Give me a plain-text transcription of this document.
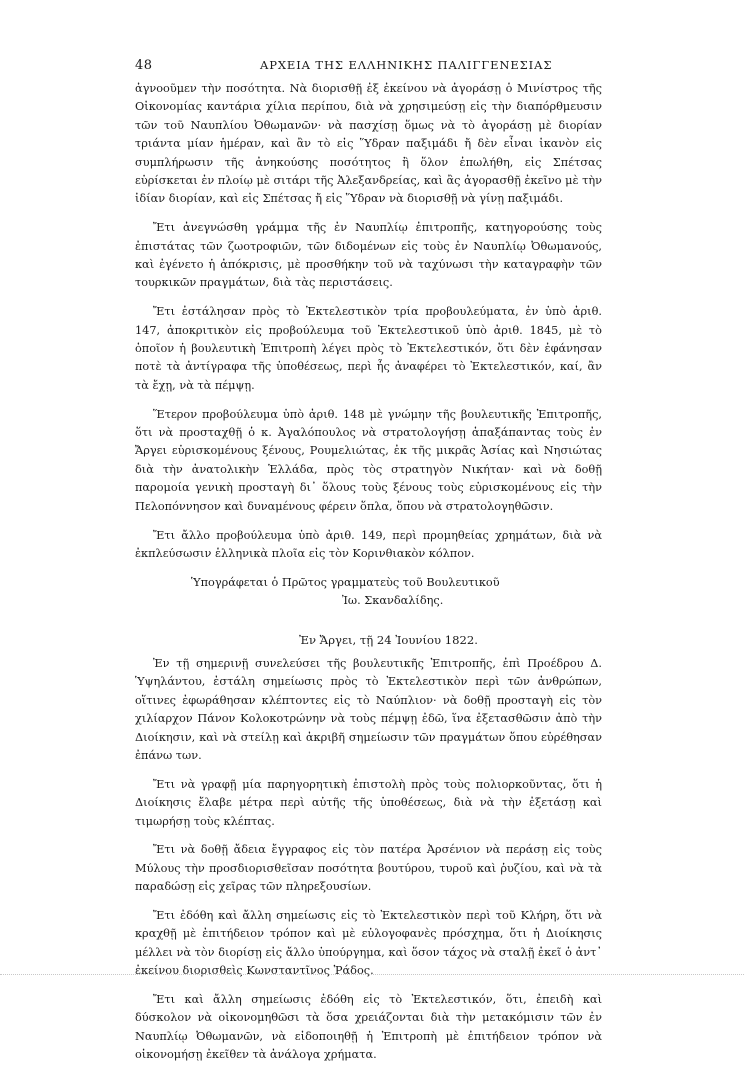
48	ΑΡΧΕΙΑ ΤΗΣ ΕΛΛΗΝΙΚΗΣ ΠΑΛΙΓΓΕΝΕΣΙΑΣ

ἀγνοοῦμεν τὴν ποσότητα. Νὰ διορισθῇ ἐξ ἐκείνου νὰ ἀγοράσῃ ὁ Μινίστρος τῆς Οἰκονομίας καντάρια χίλια περίπου, διὰ νὰ χρησιμεύσῃ εἰς τὴν διαπόρθμευσιν τῶν τοῦ Ναυπλίου Ὀθωμανῶν· νὰ πασχίσῃ ὅμως νὰ τὸ ἀγοράσῃ μὲ διορίαν τριάντα μίαν ἡμέραν, καὶ ἂν τὸ εἰς Ὕδραν παξιμάδι ἤ δὲν εἶναι ἱκανὸν εἰς συμπλήρωσιν τῆς ἀνηκούσης ποσότητος ἢ ὅλον ἐπωλήθη, εἰς Σπέτσας εὑρίσκεται ἐν πλοίῳ μὲ σιτάρι τῆς Ἀλεξανδρείας, καὶ ἂς ἀγορασθῇ ἐκεῖνο μὲ τὴν ἰδίαν διορίαν, καὶ εἰς Σπέτσας ἤ εἰς Ὕδραν νὰ διορισθῇ νὰ γίνῃ παξιμάδι.

Ἔτι ἀνεγνώσθη γράμμα τῆς ἐν Ναυπλίῳ ἐπιτροπῆς, κατηγορούσης τοὺς ἐπιστάτας τῶν ζωοτροφιῶν, τῶν διδομένων εἰς τοὺς ἐν Ναυπλίῳ Ὀθωμανούς, καὶ ἐγένετο ἡ ἀπόκρισις, μὲ προσθήκην τοῦ νὰ ταχύνωσι τὴν καταγραφὴν τῶν τουρκικῶν πραγμάτων, διὰ τὰς περιστάσεις.

Ἔτι ἐστάλησαν πρὸς τὸ Ἐκτελεστικὸν τρία προβουλεύματα, ἐν ὑπὸ ἀριθ. 147, ἀποκριτικὸν εἰς προβούλευμα τοῦ Ἐκτελεστικοῦ ὑπὸ ἀριθ. 1845, μὲ τὸ ὁποῖον ἡ βουλευτικὴ Ἐπιτροπὴ λέγει πρὸς τὸ Ἐκτελεστικόν, ὅτι δὲν ἐφάνησαν ποτὲ τὰ ἀντίγραφα τῆς ὑποθέσεως, περὶ ἧς ἀναφέρει τὸ Ἐκτελεστικόν, καί, ἂν τὰ ἔχῃ, νὰ τὰ πέμψῃ.

Ἕτερον προβούλευμα ὑπὸ ἀριθ. 148 μὲ γνώμην τῆς βουλευτικῆς Ἐπιτροπῆς, ὅτι νὰ προσταχθῇ ὁ κ. Ἀγαλόπουλος νὰ στρατολογήσῃ ἁπαξάπαντας τοὺς ἐν Ἄργει εὑρισκομένους ξένους, Ρουμελιώτας, ἐκ τῆς μικρᾶς Ἀσίας καὶ Νησιώτας διὰ τὴν ἀνατολικὴν Ἑλλάδα, πρὸς τὸς στρατηγὸν Νικήταν· καὶ νὰ δοθῇ παρομοία γενικὴ προσταγὴ δι᾽ ὅλους τοὺς ξένους τοὺς εὑρισκομένους εἰς τὴν Πελοπόννησον καὶ δυναμένους φέρειν ὅπλα, ὅπου νὰ στρατολογηθῶσιν.

Ἔτι ἄλλο προβούλευμα ὑπὸ ἀριθ. 149, περὶ προμηθείας χρημάτων, διὰ νὰ ἐκπλεύσωσιν ἑλληνικὰ πλοῖα εἰς τὸν Κορινθιακὸν κόλπον.

Ὑπογράφεται ὁ Πρῶτος γραμματεὺς τοῦ Βουλευτικοῦ
Ἰω. Σκανδαλίδης.
Ἐν Ἄργει, τῇ 24 Ἰουνίου 1822.

Ἐν τῇ σημερινῇ συνελεύσει τῆς βουλευτικῆς Ἐπιτροπῆς, ἐπὶ Προέδρου Δ. Ὑψηλάντου, ἐστάλη σημείωσις πρὸς τὸ Ἐκτελεστικὸν περὶ τῶν ἀνθρώπων, οἵτινες ἐφωράθησαν κλέπτοντες εἰς τὸ Ναύπλιον· νὰ δοθῇ προσταγὴ εἰς τὸν χιλίαρχον Πάνον Κολοκοτρώνην νὰ τοὺς πέμψῃ ἐδῶ, ἵνα ἐξετασθῶσιν ἀπὸ τὴν Διοίκησιν, καὶ νὰ στείλῃ καὶ ἀκριβῆ σημείωσιν τῶν πραγμάτων ὅπου εὑρέθησαν ἐπάνω των.

Ἔτι νὰ γραφῇ μία παρηγορητικὴ ἐπιστολὴ πρὸς τοὺς πολιορκοῦντας, ὅτι ἡ Διοίκησις ἔλαβε μέτρα περὶ αὐτῆς τῆς ὑποθέσεως, διὰ νὰ τὴν ἐξετάσῃ καὶ τιμωρήσῃ τοὺς κλέπτας.

Ἔτι νὰ δοθῇ ἄδεια ἔγγραφος εἰς τὸν πατέρα Ἀρσένιον νὰ περάσῃ εἰς τοὺς Μύλους τὴν προσδιορισθεῖσαν ποσότητα βουτύρου, τυροῦ καὶ ῥυζίου, καὶ νὰ τὰ παραδώσῃ εἰς χεῖρας τῶν πληρεξουσίων.

Ἔτι ἐδόθη καὶ ἄλλη σημείωσις εἰς τὸ Ἐκτελεστικὸν περὶ τοῦ Κλήρη, ὅτι νὰ κραχθῇ μὲ ἐπιτήδειον τρόπον καὶ μὲ εὐλογοφανὲς πρόσχημα, ὅτι ἡ Διοίκησις μέλλει νὰ τὸν διορίσῃ εἰς ἄλλο ὑπούργημα, καὶ ὅσον τάχος νὰ σταλῇ ἐκεῖ ὁ ἀντ᾽ ἐκείνου διορισθεὶς Κωνσταντῖνος Ῥάδος.

Ἔτι καὶ ἄλλη σημείωσις ἐδόθη εἰς τὸ Ἐκτελεστικόν, ὅτι, ἐπειδὴ καὶ δύσκολον νὰ οἰκονομηθῶσι τὰ ὅσα χρειάζονται διὰ τὴν μετακόμισιν τῶν ἐν Ναυπλίῳ Ὀθωμανῶν, νὰ εἰδοποιηθῇ ἡ Ἐπιτροπὴ μὲ ἐπιτήδειον τρόπον νὰ οἰκονομήσῃ ἐκεῖθεν τὰ ἀνάλογα χρήματα.
